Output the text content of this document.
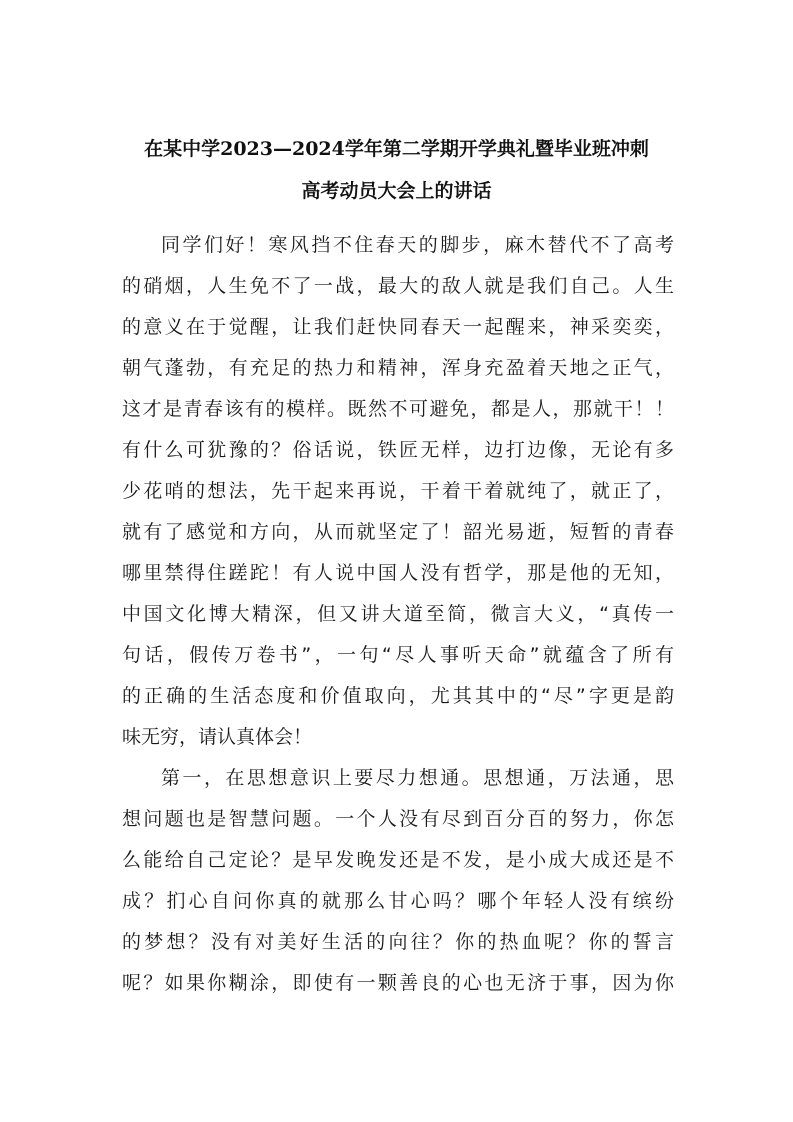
在某中学2023—2024学年第二学期开学典礼暨毕业班冲刺
高考动员大会上的讲话
同学们好！寒风挡不住春天的脚步，麻木替代不了高考
的硝烟，人生免不了一战，最大的敌人就是我们自己。人生
的意义在于觉醒，让我们赶快同春天一起醒来，神采奕奕，
朝气蓬勃，有充足的热力和精神，浑身充盈着天地之正气，
这才是青春该有的模样。既然不可避免，都是人，那就干！！
有什么可犹豫的？俗话说，铁匠无样，边打边像，无论有多
少花哨的想法，先干起来再说，干着干着就纯了，就正了，
就有了感觉和方向，从而就坚定了！韶光易逝，短暂的青春
哪里禁得住蹉跎！有人说中国人没有哲学，那是他的无知，
中国文化博大精深，但又讲大道至简，微言大义，“真传一
句话，假传万卷书”，一句“尽人事听天命”就蕴含了所有
的正确的生活态度和价值取向，尤其其中的“尽”字更是韵
味无穷，请认真体会！
第一，在思想意识上要尽力想通。思想通，万法通，思
想问题也是智慧问题。一个人没有尽到百分百的努力，你怎
么能给自己定论？是早发晚发还是不发，是小成大成还是不
成？扪心自问你真的就那么甘心吗？哪个年轻人没有缤纷
的梦想？没有对美好生活的向往？你的热血呢？你的誓言
呢？如果你糊涂，即使有一颗善良的心也无济于事，因为你
